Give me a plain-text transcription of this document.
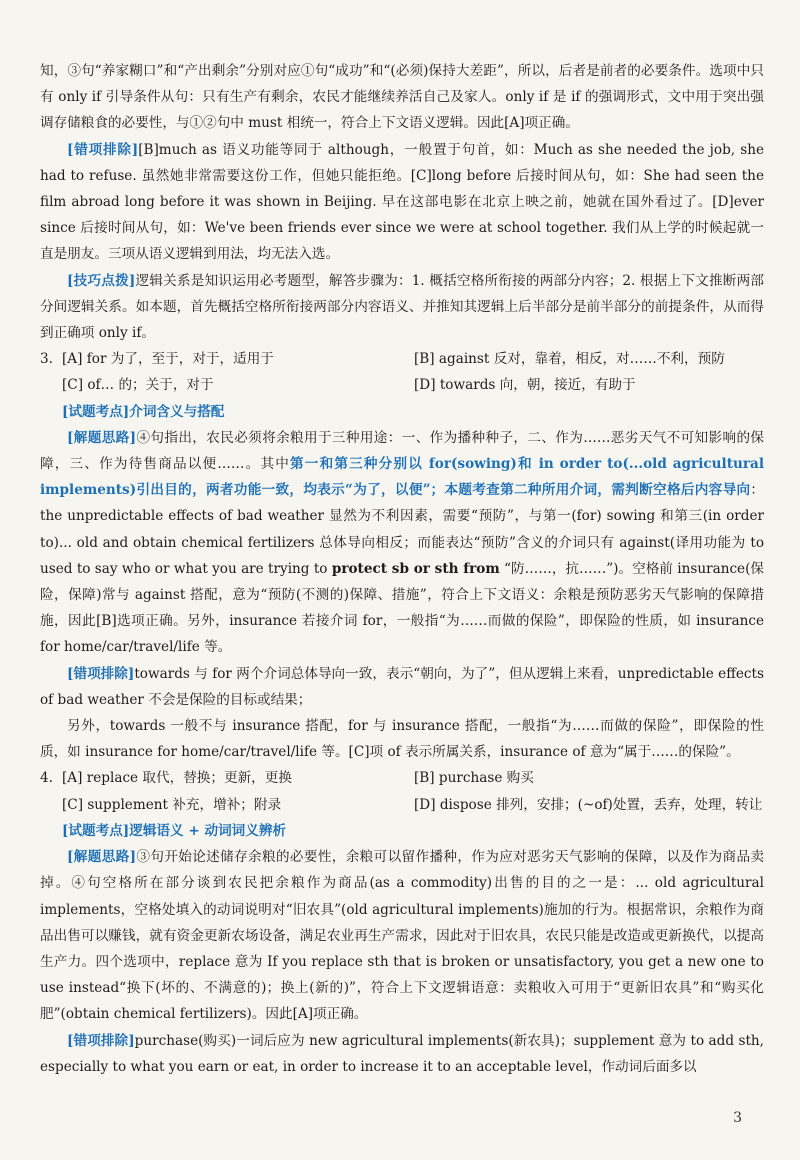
知，③句“养家糊口”和“产出剩余”分别对应①句“成功”和“(必须)保持大差距”，所以，后者是前者的必要条件。选项中只有 only if 引导条件从句：只有生产有剩余，农民才能继续养活自己及家人。only if 是 if 的强调形式，文中用于突出强调存储粮食的必要性，与①②句中 must 相统一，符合上下文语义逻辑。因此[A]项正确。

[错项排除][B]much as 语义功能等同于 although，一般置于句首，如：Much as she needed the job, she had to refuse. 虽然她非常需要这份工作，但她只能拒绝。[C]long before 后接时间从句，如：She had seen the film abroad long before it was shown in Beijing. 早在这部电影在北京上映之前，她就在国外看过了。[D]ever since 后接时间从句，如：We've been friends ever since we were at school together. 我们从上学的时候起就一直是朋友。三项从语义逻辑到用法，均无法入选。

[技巧点拨]逻辑关系是知识运用必考题型，解答步骤为：1. 概括空格所衔接的两部分内容；2. 根据上下文推断两部分间逻辑关系。如本题，首先概括空格所衔接两部分内容语义、并推知其逻辑上后半部分是前半部分的前提条件，从而得到正确项 only if。

3. [A] for 为了，至于，对于，适用于	[B] against 反对，靠着，相反，对……不利，预防
[C] of… 的；关于，对于	[D] towards 向，朝，接近，有助于

[试题考点]介词含义与搭配

[解题思路]④句指出，农民必须将余粮用于三种用途：一、作为播种种子，二、作为……恶劣天气不可知影响的保障，三、作为待售商品以便……。其中第一和第三种分别以 for(sowing)和 in order to(...old agricultural implements)引出目的，两者功能一致，均表示“为了，以便”；本题考查第二种所用介词，需判断空格后内容导向：the unpredictable effects of bad weather 显然为不利因素，需要“预防”，与第一(for) sowing 和第三(in order to)... old and obtain chemical fertilizers 总体导向相反；而能表达“预防”含义的介词只有 against(译用功能为 to used to say who or what you are trying to protect sb or sth from “防……，抗……”)。空格前 insurance(保险，保障)常与 against 搭配，意为“预防(不测的)保障、措施”，符合上下文语义：余粮是预防恶劣天气影响的保障措施，因此[B]选项正确。另外，insurance 若接介词 for，一般指“为……而做的保险”，即保险的性质，如 insurance for home/car/travel/life 等。

[错项排除]towards 与 for 两个介词总体导向一致，表示“朝向，为了”，但从逻辑上来看，unpredictable effects of bad weather 不会是保险的目标或结果；

另外，towards 一般不与 insurance 搭配，for 与 insurance 搭配，一般指“为……而做的保险”，即保险的性质，如 insurance for home/car/travel/life 等。[C]项 of 表示所属关系，insurance of 意为“属于……的保险”。

4. [A] replace 取代，替换；更新，更换	[B] purchase 购买
[C] supplement 补充，增补；附录	[D] dispose 排列，安排；(~of)处置，丢弃，处理，转让

[试题考点]逻辑语义 + 动词词义辨析

[解题思路]③句开始论述储存余粮的必要性，余粮可以留作播种，作为应对恶劣天气影响的保障，以及作为商品卖掉。④句空格所在部分谈到农民把余粮作为商品(as a commodity)出售的目的之一是：... old agricultural implements，空格处填入的动词说明对“旧农具”(old agricultural implements)施加的行为。根据常识，余粮作为商品出售可以赚钱，就有资金更新农场设备，满足农业再生产需求，因此对于旧农具，农民只能是改造或更新换代，以提高生产力。四个选项中，replace 意为 If you replace sth that is broken or unsatisfactory, you get a new one to use instead“换下(坏的、不满意的)；换上(新的)”，符合上下文逻辑语意：卖粮收入可用于“更新旧农具”和“购买化肥”(obtain chemical fertilizers)。因此[A]项正确。

[错项排除]purchase(购买)一词后应为 new agricultural implements(新农具)；supplement 意为 to add sth, especially to what you earn or eat, in order to increase it to an acceptable level，作动词后面多以

3
